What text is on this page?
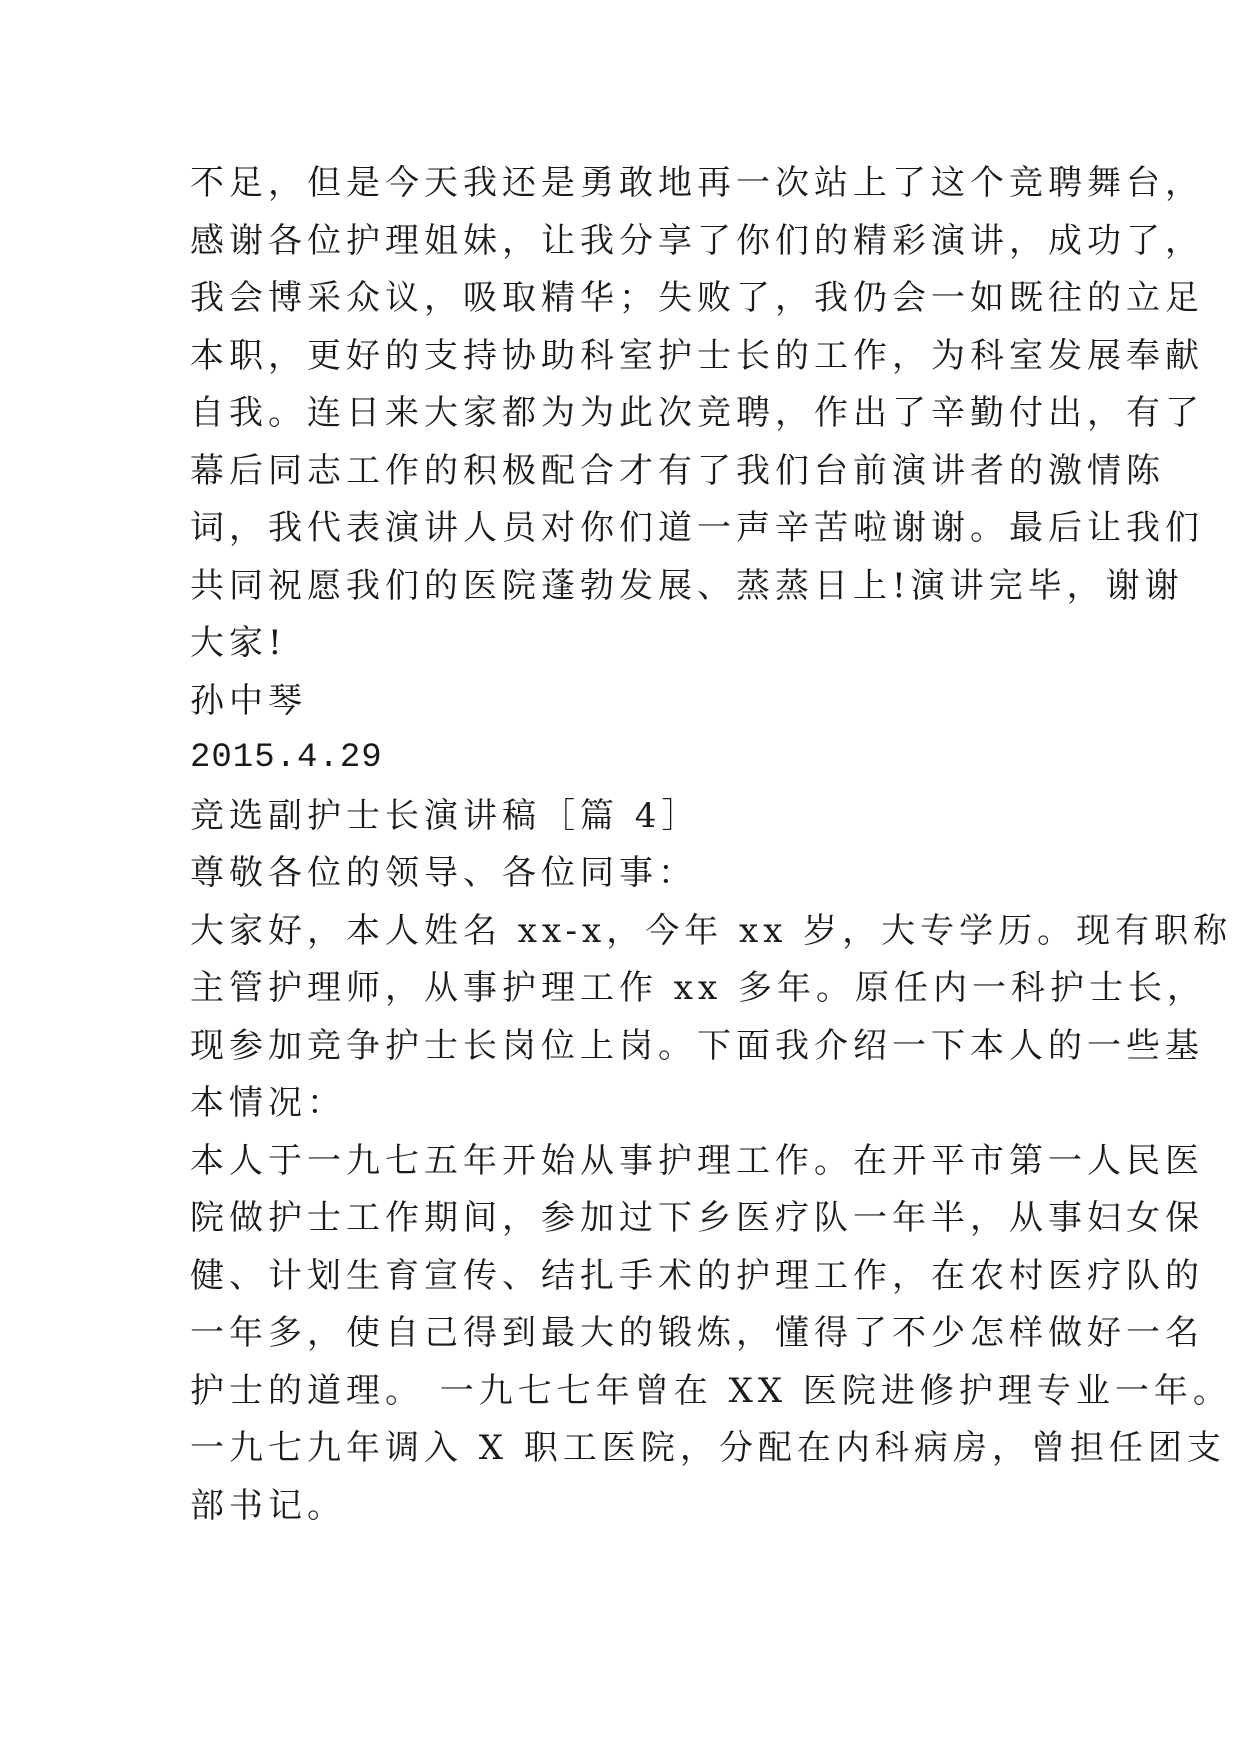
不足，但是今天我还是勇敢地再一次站上了这个竞聘舞台，
感谢各位护理姐妹，让我分享了你们的精彩演讲，成功了，
我会博采众议，吸取精华；失败了，我仍会一如既往的立足
本职，更好的支持协助科室护士长的工作，为科室发展奉献
自我。连日来大家都为为此次竞聘，作出了辛勤付出，有了
幕后同志工作的积极配合才有了我们台前演讲者的激情陈
词，我代表演讲人员对你们道一声辛苦啦谢谢。最后让我们
共同祝愿我们的医院蓬勃发展、蒸蒸日上!演讲完毕，谢谢
大家!
孙中琴
2015.4.29
竞选副护士长演讲稿［篇 4］
尊敬各位的领导、各位同事：
大家好，本人姓名 xx-x，今年 xx 岁，大专学历。现有职称
主管护理师，从事护理工作 xx 多年。原任内一科护士长，
现参加竞争护士长岗位上岗。下面我介绍一下本人的一些基
本情况：
本人于一九七五年开始从事护理工作。在开平市第一人民医
院做护士工作期间，参加过下乡医疗队一年半，从事妇女保
健、计划生育宣传、结扎手术的护理工作，在农村医疗队的
一年多，使自己得到最大的锻炼，懂得了不少怎样做好一名
护士的道理。 一九七七年曾在 XX 医院进修护理专业一年。
一九七九年调入 X 职工医院，分配在内科病房，曾担任团支
部书记。
